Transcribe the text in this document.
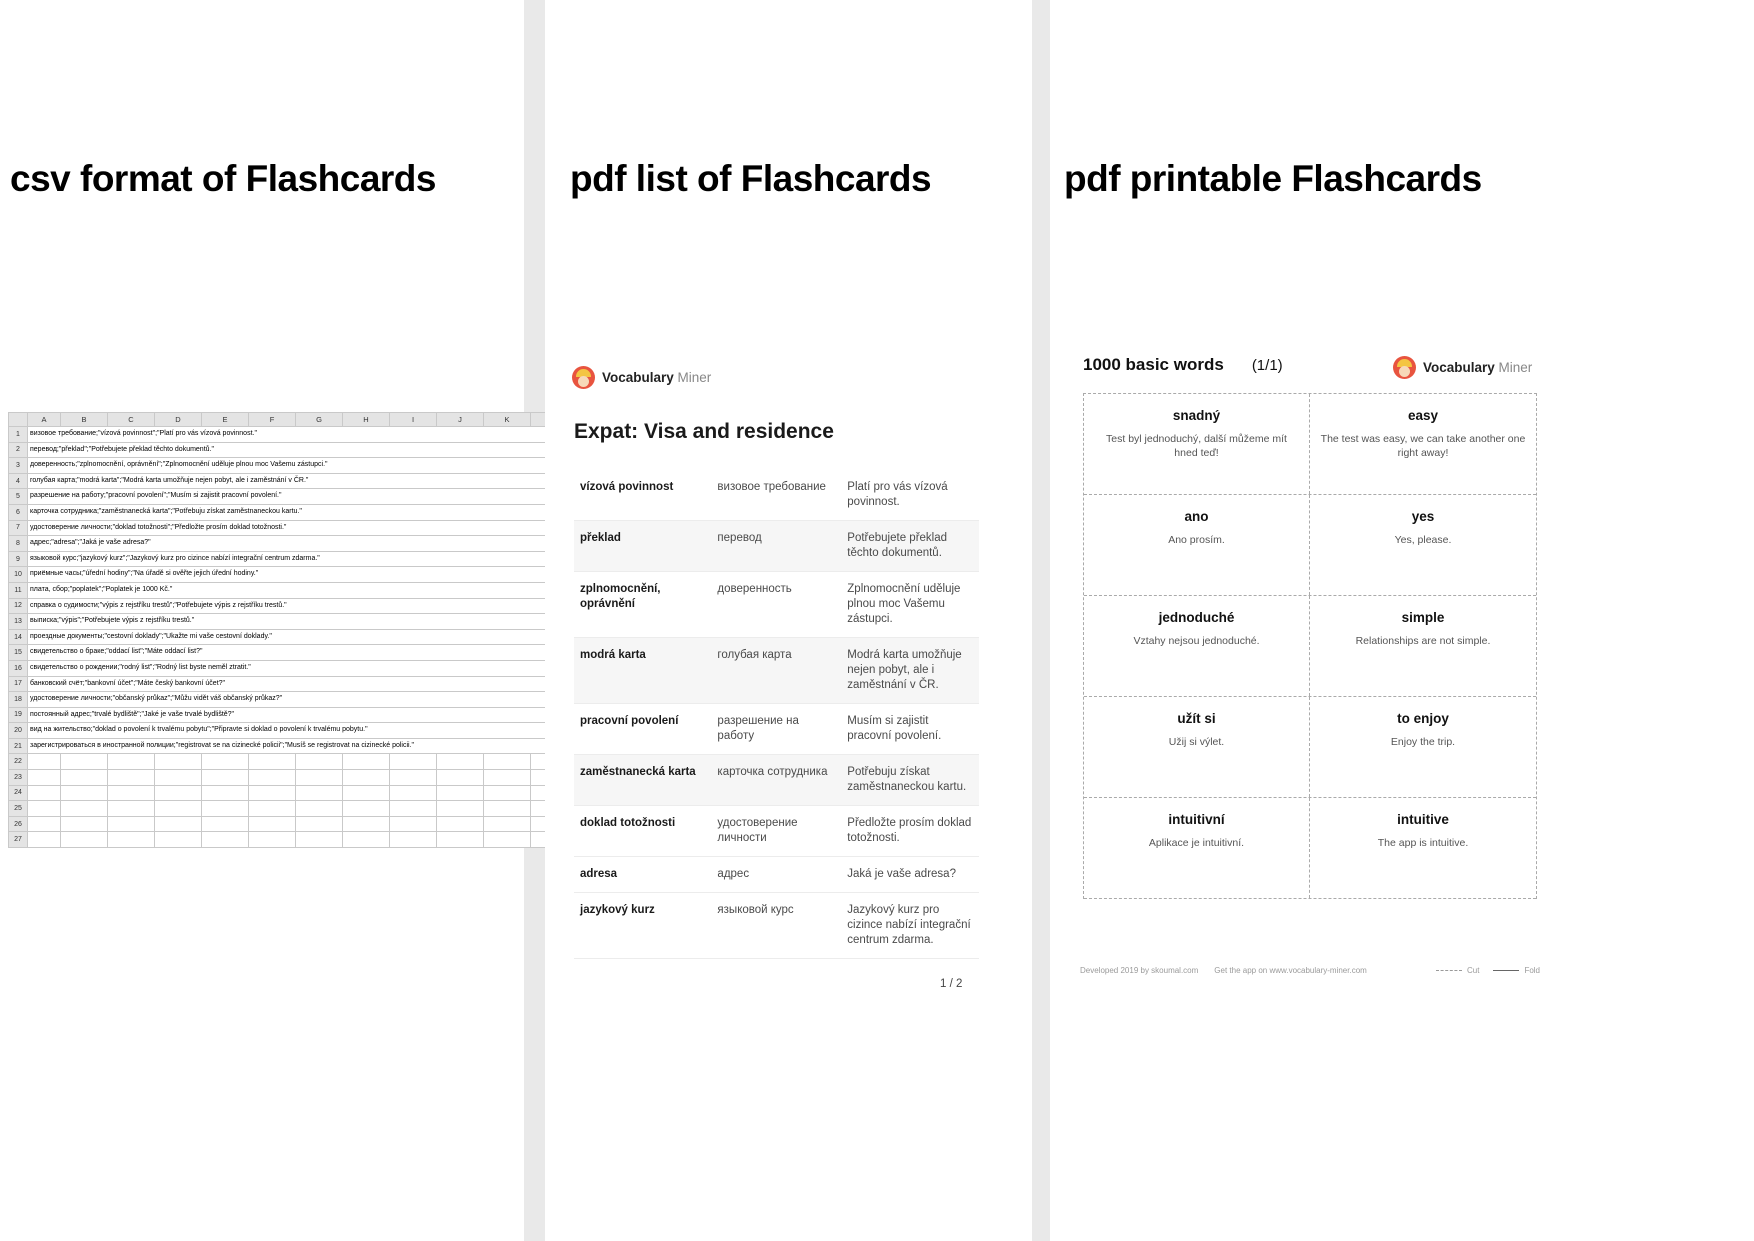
csv format of Flashcards
	A	B	C	D	E	F	G	H	I	J	K	
1	визовое требование;"vízová povinnost";"Platí pro vás vízová povinnost."											

2	перевод;"překlad";"Potřebujete překlad těchto dokumentů."											

3	доверенность;"zplnomocnění, oprávnění";"Zplnomocnění uděluje plnou moc Vašemu zástupci."											

4	голубая карта;"modrá karta";"Modrá karta umožňuje nejen pobyt, ale i zaměstnání v ČR."											

5	разрешение на работу;"pracovní povolení";"Musím si zajistit pracovní povolení."											

6	карточка сотрудника;"zaměstnanecká karta";"Potřebuju získat zaměstnaneckou kartu."											

7	удостоверение личности;"doklad totožnosti";"Předložte prosím doklad totožnosti."											

8	адрес;"adresa";"Jaká je vaše adresa?"											

9	языковой курс;"jazykový kurz";"Jazykový kurz pro cizince nabízí integrační centrum zdarma."											

10	приёмные часы;"úřední hodiny";"Na úřadě si ověřte jejich úřední hodiny."											

11	плата, сбор;"poplatek";"Poplatek je 1000 Kč."											

12	справка о судимости;"výpis z rejstříku trestů";"Potřebujete výpis z rejstříku trestů."											

13	выписка;"výpis";"Potřebujete výpis z rejstříku trestů."											

14	проездные документы;"cestovní doklady";"Ukažte mi vaše cestovní doklady."											

15	свидетельство о браке;"oddací list";"Máte oddací list?"											

16	свидетельство о рождении;"rodný list";"Rodný list byste neměl ztratit."											

17	банковский счёт;"bankovní účet";"Máte český bankovní účet?"											

18	удостоверение личности;"občanský průkaz";"Můžu vidět váš občanský průkaz?"											

19	постоянный адрес;"trvalé bydliště";"Jaké je vaše trvalé bydliště?"											

20	вид на жительство;"doklad o povolení k trvalému pobytu";"Připravte si doklad o povolení k trvalému pobytu."											

21	зарегистрироваться в иностранной полиции;"registrovat se na cizinecké policii";"Musíš se registrovat na cizinecké policii."											

22												
23												
24												
25												
26												
27												
pdf list of Flashcards
Vocabulary Miner
Expat: Visa and residence
vízová povinnost	визовое требование	Platí pro vás vízová povinnost.
překlad	перевод	Potřebujete překlad těchto dokumentů.
zplnomocnění, oprávnění	доверенность	Zplnomocnění uděluje plnou moc Vašemu zástupci.
modrá karta	голубая карта	Modrá karta umožňuje nejen pobyt, ale i zaměstnání v ČR.
pracovní povolení	разрешение на работу	Musím si zajistit pracovní povolení.
zaměstnanecká karta	карточка сотрудника	Potřebuju získat zaměstnaneckou kartu.
doklad totožnosti	удостоверение личности	Předložte prosím doklad totožnosti.
adresa	адрес	Jaká je vaše adresa?
jazykový kurz	языковой курс	Jazykový kurz pro cizince nabízí integrační centrum zdarma.
1 / 2
pdf printable Flashcards
1000 basic words (1/1)	Vocabulary Miner
snadný
Test byl jednoduchý, další můžeme mít hned teď!
easy
The test was easy, we can take another one right away!
ano
Ano prosím.
yes
Yes, please.
jednoduché
Vztahy nejsou jednoduché.
simple
Relationships are not simple.
užít si
Užij si výlet.
to enjoy
Enjoy the trip.
intuitivní
Aplikace je intuitivní.
intuitive
The app is intuitive.
Developed 2019 by skoumal.com Get the app on www.vocabulary-miner.com	Cut	Fold
